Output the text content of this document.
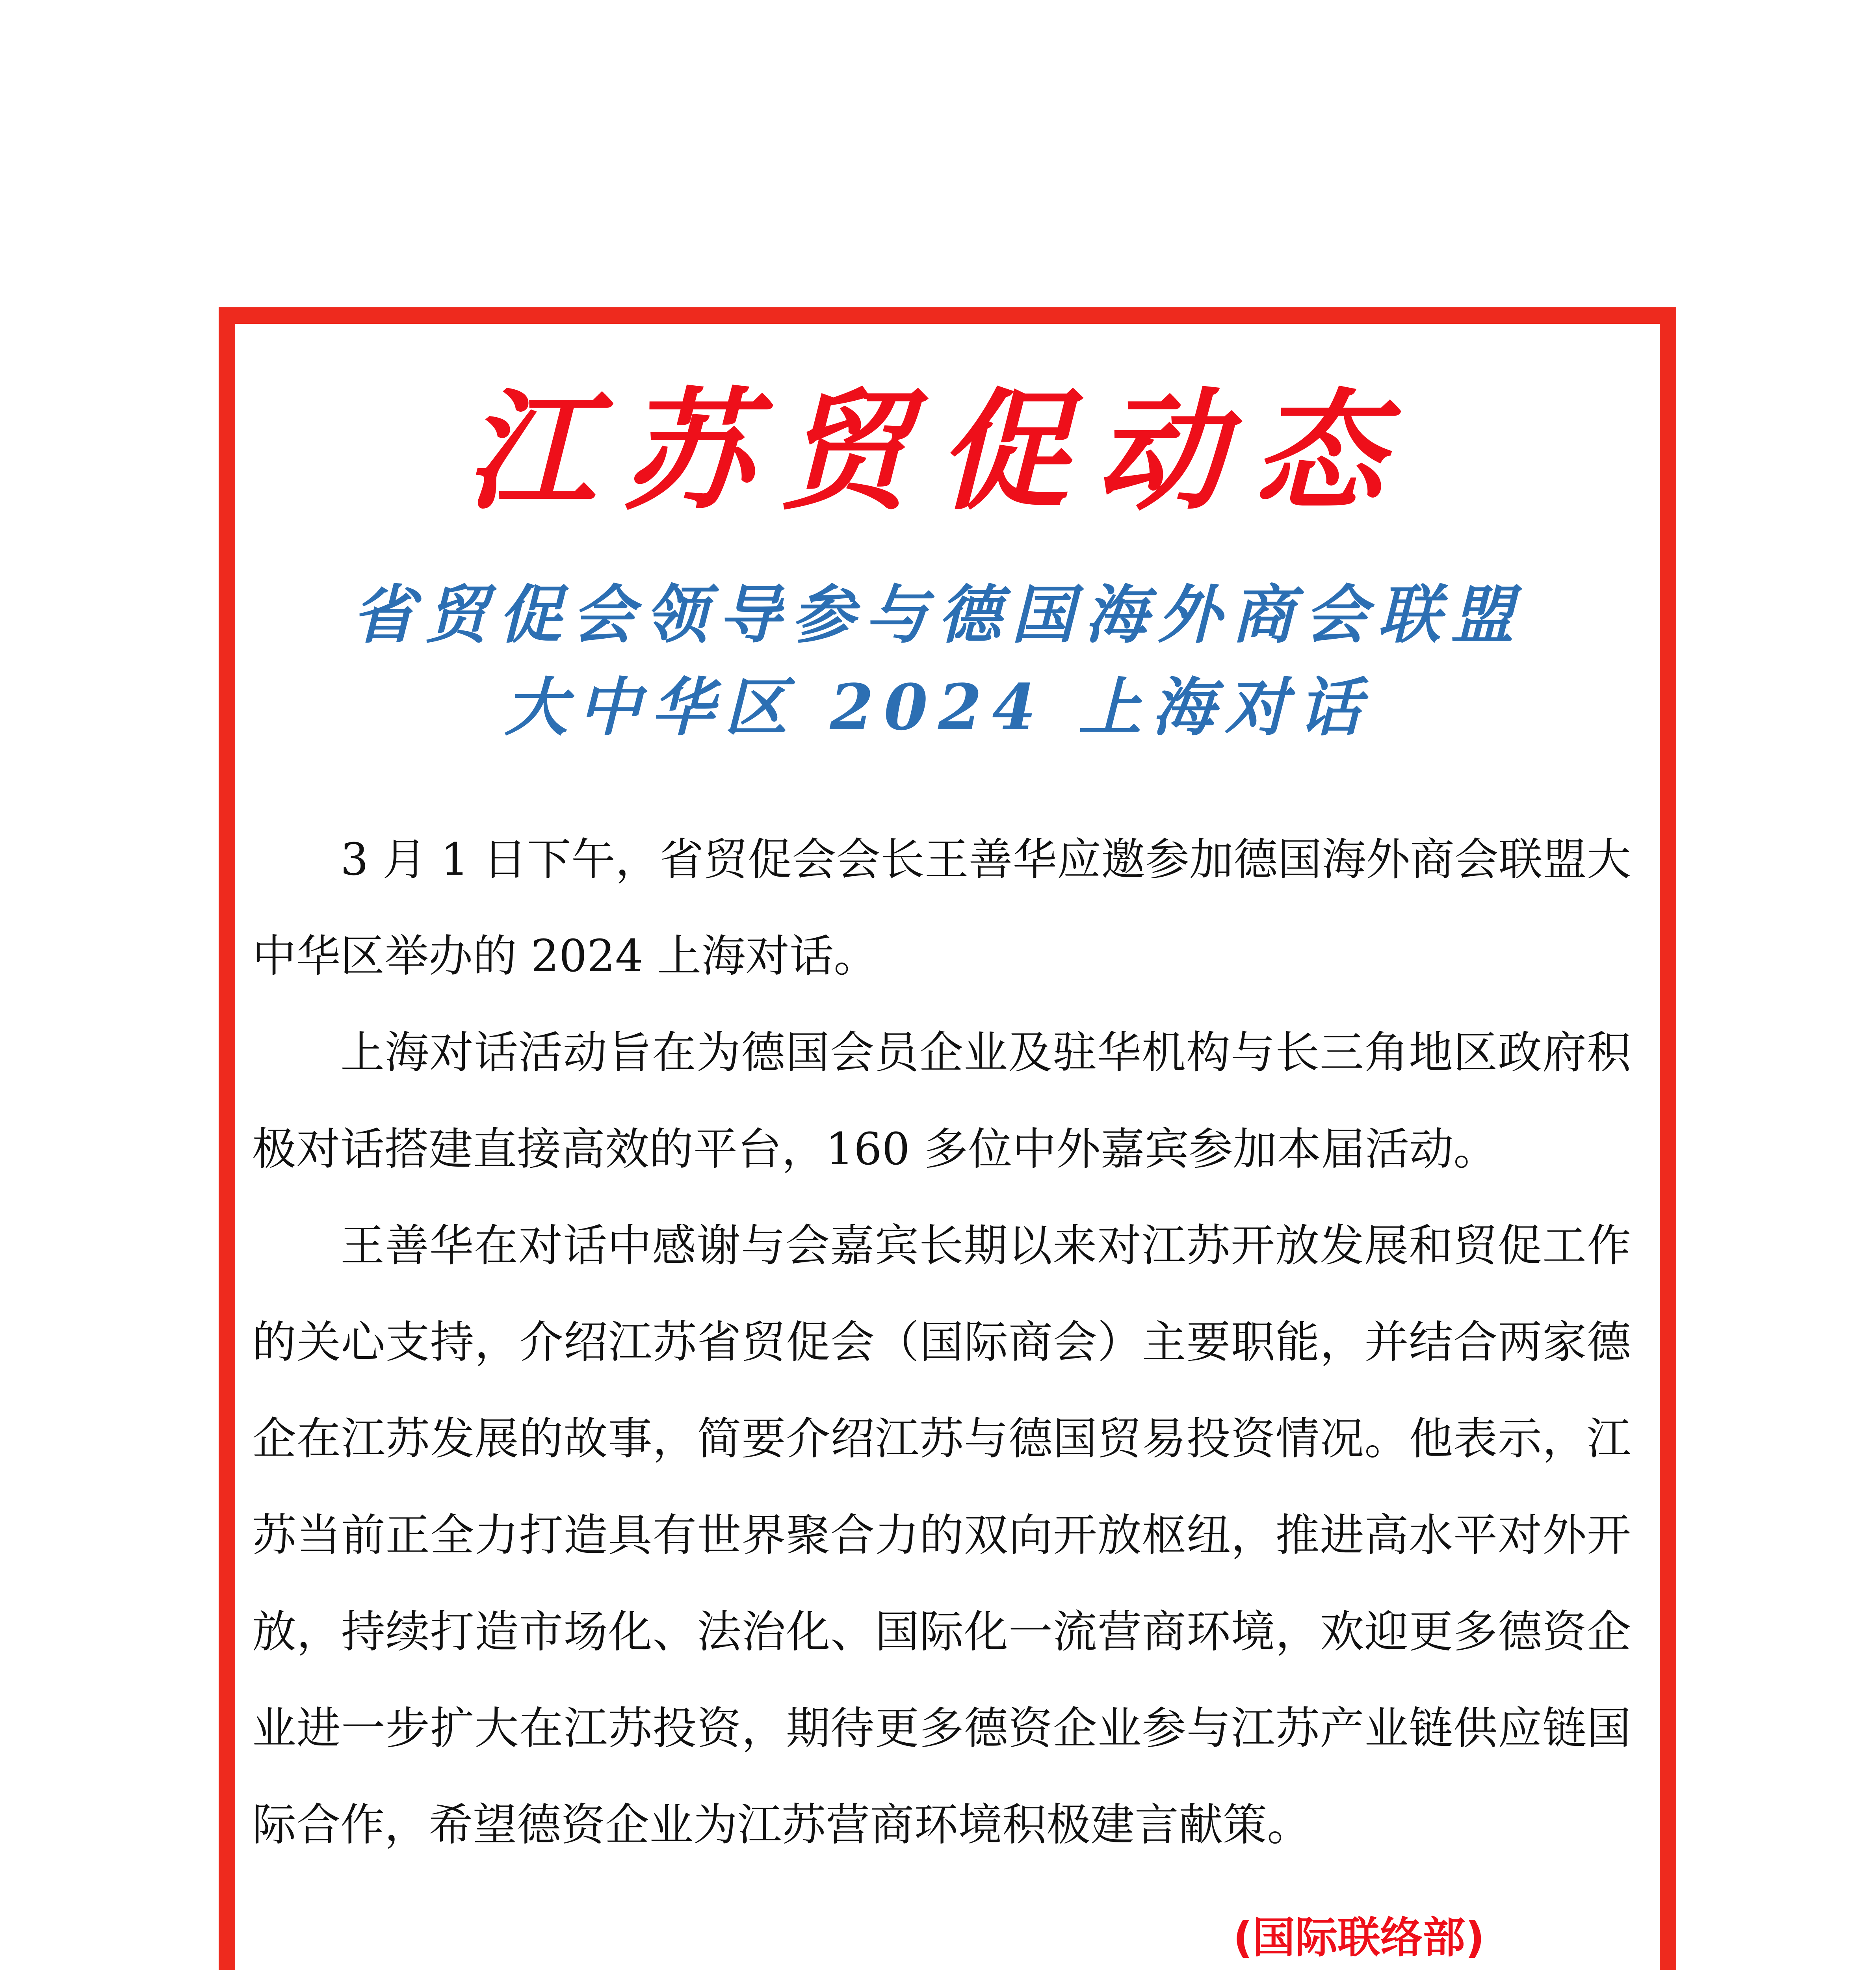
江苏贸促动态
省贸促会领导参与德国海外商会联盟
大中华区 2024 上海对话

3 月 1 日下午，省贸促会会长王善华应邀参加德国海外商会联盟大中华区举办的 2024 上海对话。

上海对话活动旨在为德国会员企业及驻华机构与长三角地区政府积极对话搭建直接高效的平台，160 多位中外嘉宾参加本届活动。

王善华在对话中感谢与会嘉宾长期以来对江苏开放发展和贸促工作的关心支持，介绍江苏省贸促会（国际商会）主要职能，并结合两家德企在江苏发展的故事，简要介绍江苏与德国贸易投资情况。他表示，江苏当前正全力打造具有世界聚合力的双向开放枢纽，推进高水平对外开放，持续打造市场化、法治化、国际化一流营商环境，欢迎更多德资企业进一步扩大在江苏投资，期待更多德资企业参与江苏产业链供应链国际合作，希望德资企业为江苏营商环境积极建言献策。

(国际联络部)
